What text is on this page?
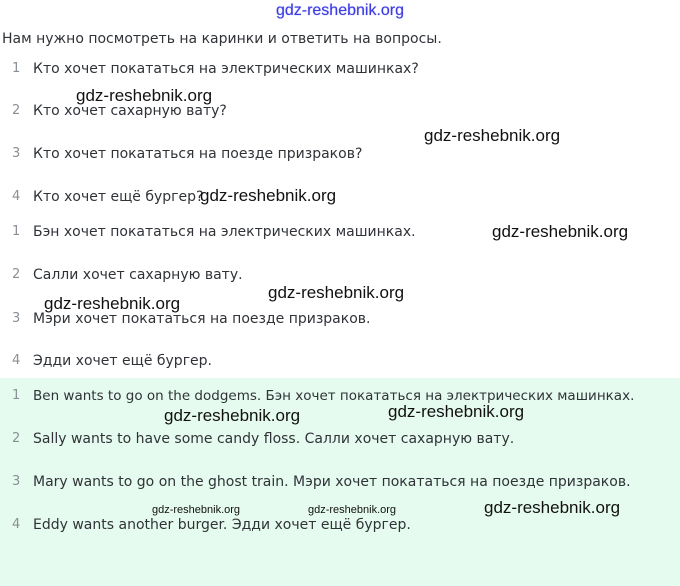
gdz-reshebnik.org
Нам нужно посмотреть на каринки и ответить на вопросы.
1 Кто хочет покататься на электрических машинках?
2 Кто хочет сахарную вату?
3 Кто хочет покататься на поезде призраков?
4 Кто хочет ещё бургер?
1 Бэн хочет покататься на электрических машинках.
2 Салли хочет сахарную вату.
3 Мэри хочет покататься на поезде призраков.
4 Эдди хочет ещё бургер.
1 Ben wants to go on the dodgems. Бэн хочет покататься на электрических машинках.
2 Sally wants to have some candy floss. Салли хочет сахарную вату.
3 Mary wants to go on the ghost train. Мэри хочет покататься на поезде призраков.
4 Eddy wants another burger. Эдди хочет ещё бургер.
gdz-reshebnik.org
gdz-reshebnik.org
gdz-reshebnik.org
gdz-reshebnik.org
gdz-reshebnik.org
gdz-reshebnik.org
gdz-reshebnik.org	gdz-reshebnik.org
gdz-reshebnik.org
gdz-reshebnik.org	gdz-reshebnik.org
